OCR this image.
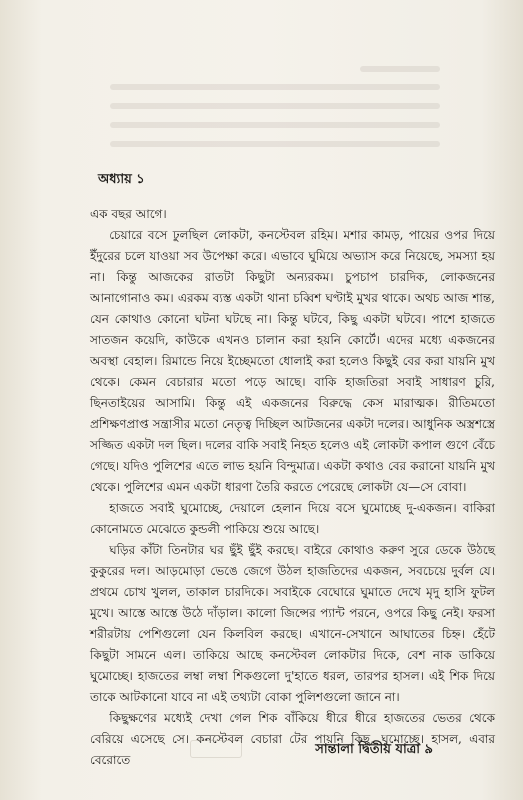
অধ্যায় ১

এক বছর আগে।

চেয়ারে বসে ঢুলছিল লোকটা, কনস্টেবল রহিম। মশার কামড়, পায়ের ওপর দিয়ে ইঁদুরের চলে যাওয়া সব উপেক্ষা করে। এভাবে ঘুমিয়ে অভ্যাস করে নিয়েছে, সমস্যা হয় না। কিন্তু আজকের রাতটা কিছুটা অন্যরকম। চুপচাপ চারদিক, লোকজনের আনাগোনাও কম। এরকম ব্যস্ত একটা থানা চব্বিশ ঘণ্টাই মুখর থাকে। অথচ আজ শান্ত, যেন কোথাও কোনো ঘটনা ঘটছে না। কিন্তু ঘটবে, কিছু একটা ঘটবে। পাশে হাজতে সাতজন কয়েদি, কাউকে এখনও চালান করা হয়নি কোর্টে। এদের মধ্যে একজনের অবস্থা বেহাল। রিমান্ডে নিয়ে ইচ্ছেমতো ধোলাই করা হলেও কিছুই বের করা যায়নি মুখ থেকে। কেমন বেচারার মতো পড়ে আছে। বাকি হাজতিরা সবাই সাধারণ চুরি, ছিনতাইয়ের আসামি। কিন্তু এই একজনের বিরুদ্ধে কেস মারাত্মক। রীতিমতো প্রশিক্ষণপ্রাপ্ত সন্ত্রাসীর মতো নেতৃত্ব দিচ্ছিল আটজনের একটা দলের। আধুনিক অস্ত্রশস্ত্রে সজ্জিত একটা দল ছিল। দলের বাকি সবাই নিহত হলেও এই লোকটা কপাল গুণে বেঁচে গেছে। যদিও পুলিশের এতে লাভ হয়নি বিন্দুমাত্র। একটা কথাও বের করানো যায়নি মুখ থেকে। পুলিশের এমন একটা ধারণা তৈরি করতে পেরেছে লোকটা যে—সে বোবা।

হাজতে সবাই ঘুমোচ্ছে, দেয়ালে হেলান দিয়ে বসে ঘুমোচ্ছে দু-একজন। বাকিরা কোনোমতে মেঝেতে কুন্ডলী পাকিয়ে শুয়ে আছে।

ঘড়ির কাঁটা তিনটার ঘর ছুঁই ছুঁই করছে। বাইরে কোথাও করুণ সুরে ডেকে উঠছে কুকুরের দল। আড়মোড়া ভেঙে জেগে উঠল হাজতিদের একজন, সবচেয়ে দুর্বল যে। প্রথমে চোখ খুলল, তাকাল চারদিকে। সবাইকে বেঘোরে ঘুমাতে দেখে মৃদু হাসি ফুটল মুখে। আস্তে আস্তে উঠে দাঁড়াল। কালো জিন্সের প্যান্ট পরনে, ওপরে কিছু নেই। ফরসা শরীরটায় পেশিগুলো যেন কিলবিল করছে। এখানে-সেখানে আঘাতের চিহ্ন। হেঁটে কিছুটা সামনে এল। তাকিয়ে আছে কনস্টেবল লোকটার দিকে, বেশ নাক ডাকিয়ে ঘুমোচ্ছে। হাজতের লম্বা লম্বা শিকগুলো দু'হাতে ধরল, তারপর হাসল। এই শিক দিয়ে তাকে আটকানো যাবে না এই তথ্যটা বোকা পুলিশগুলো জানে না।

কিছুক্ষণের মধ্যেই দেখা গেল শিক বাঁকিয়ে ধীরে ধীরে হাজতের ভেতর থেকে বেরিয়ে এসেছে সে। কনস্টেবল বেচারা টের পায়নি কিছু, ঘুমোচ্ছে। হাসল, এবার বেরোতে

সান্তালা দ্বিতীয় যাত্রা ৯
